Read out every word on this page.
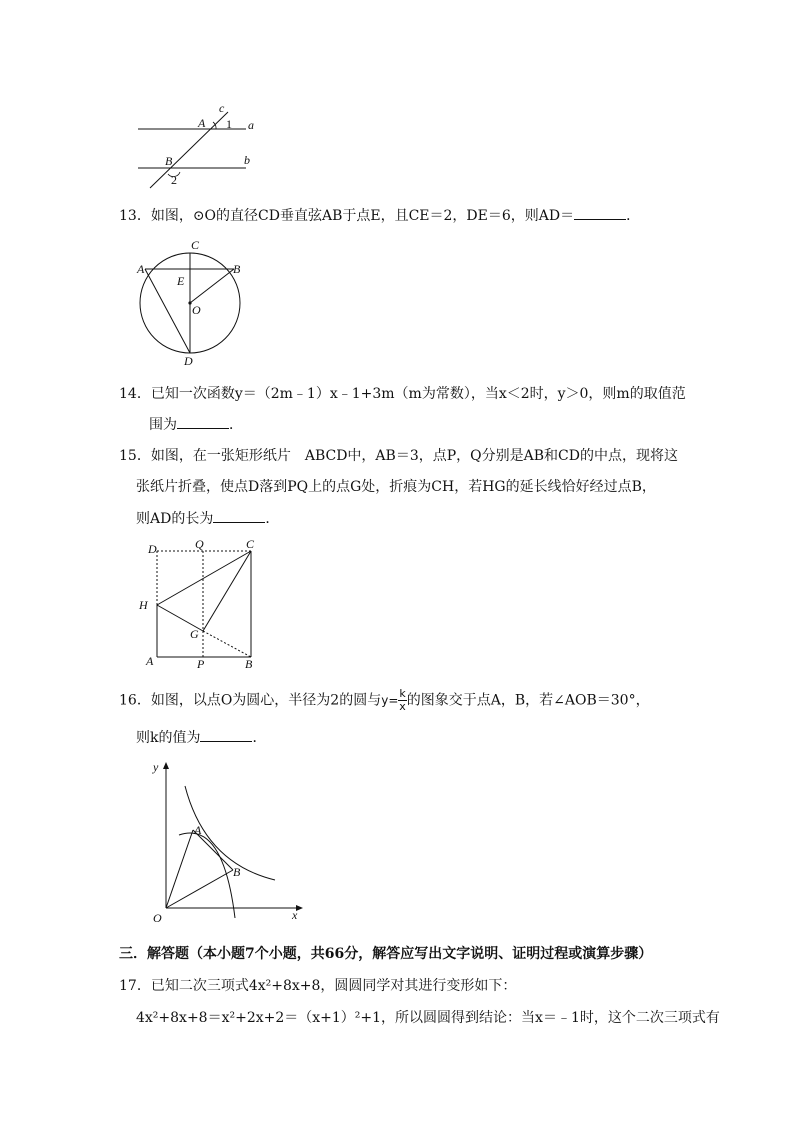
c
A 1 a
B	b
2
13．如图，⊙O的直径CD垂直弦AB于点E，且CE＝2，DE＝6，则AD＝	．
C
A	B
E
O
D
14．已知一次函数y＝（2m﹣1）x﹣1+3m（m为常数），当x＜2时，y＞0，则m的取值范
围为	．
15．如图，在一张矩形纸片　ABCD中，AB＝3，点P，Q分别是AB和CD的中点，现将这
张纸片折叠，使点D落到PQ上的点G处，折痕为CH，若HG的延长线恰好经过点B，
则AD的长为	．
D	Q	C
H
G
A	P	B
16．如图，以点O为圆心，半径为2的圆与$y= \frac{k}{x}$ 的图象交于点A，B，若∠AOB＝30°，
则k的值为	．
y
A
B
O	x
三．解答题（本小题7个小题，共66分，解答应写出文字说明、证明过程或演算步骤）
17．已知二次三项式4x²+8x+8，圆圆同学对其进行变形如下：
4x²+8x+8＝x²+2x+2＝（x+1）²+1，所以圆圆得到结论：当x＝﹣1时，这个二次三项式有
